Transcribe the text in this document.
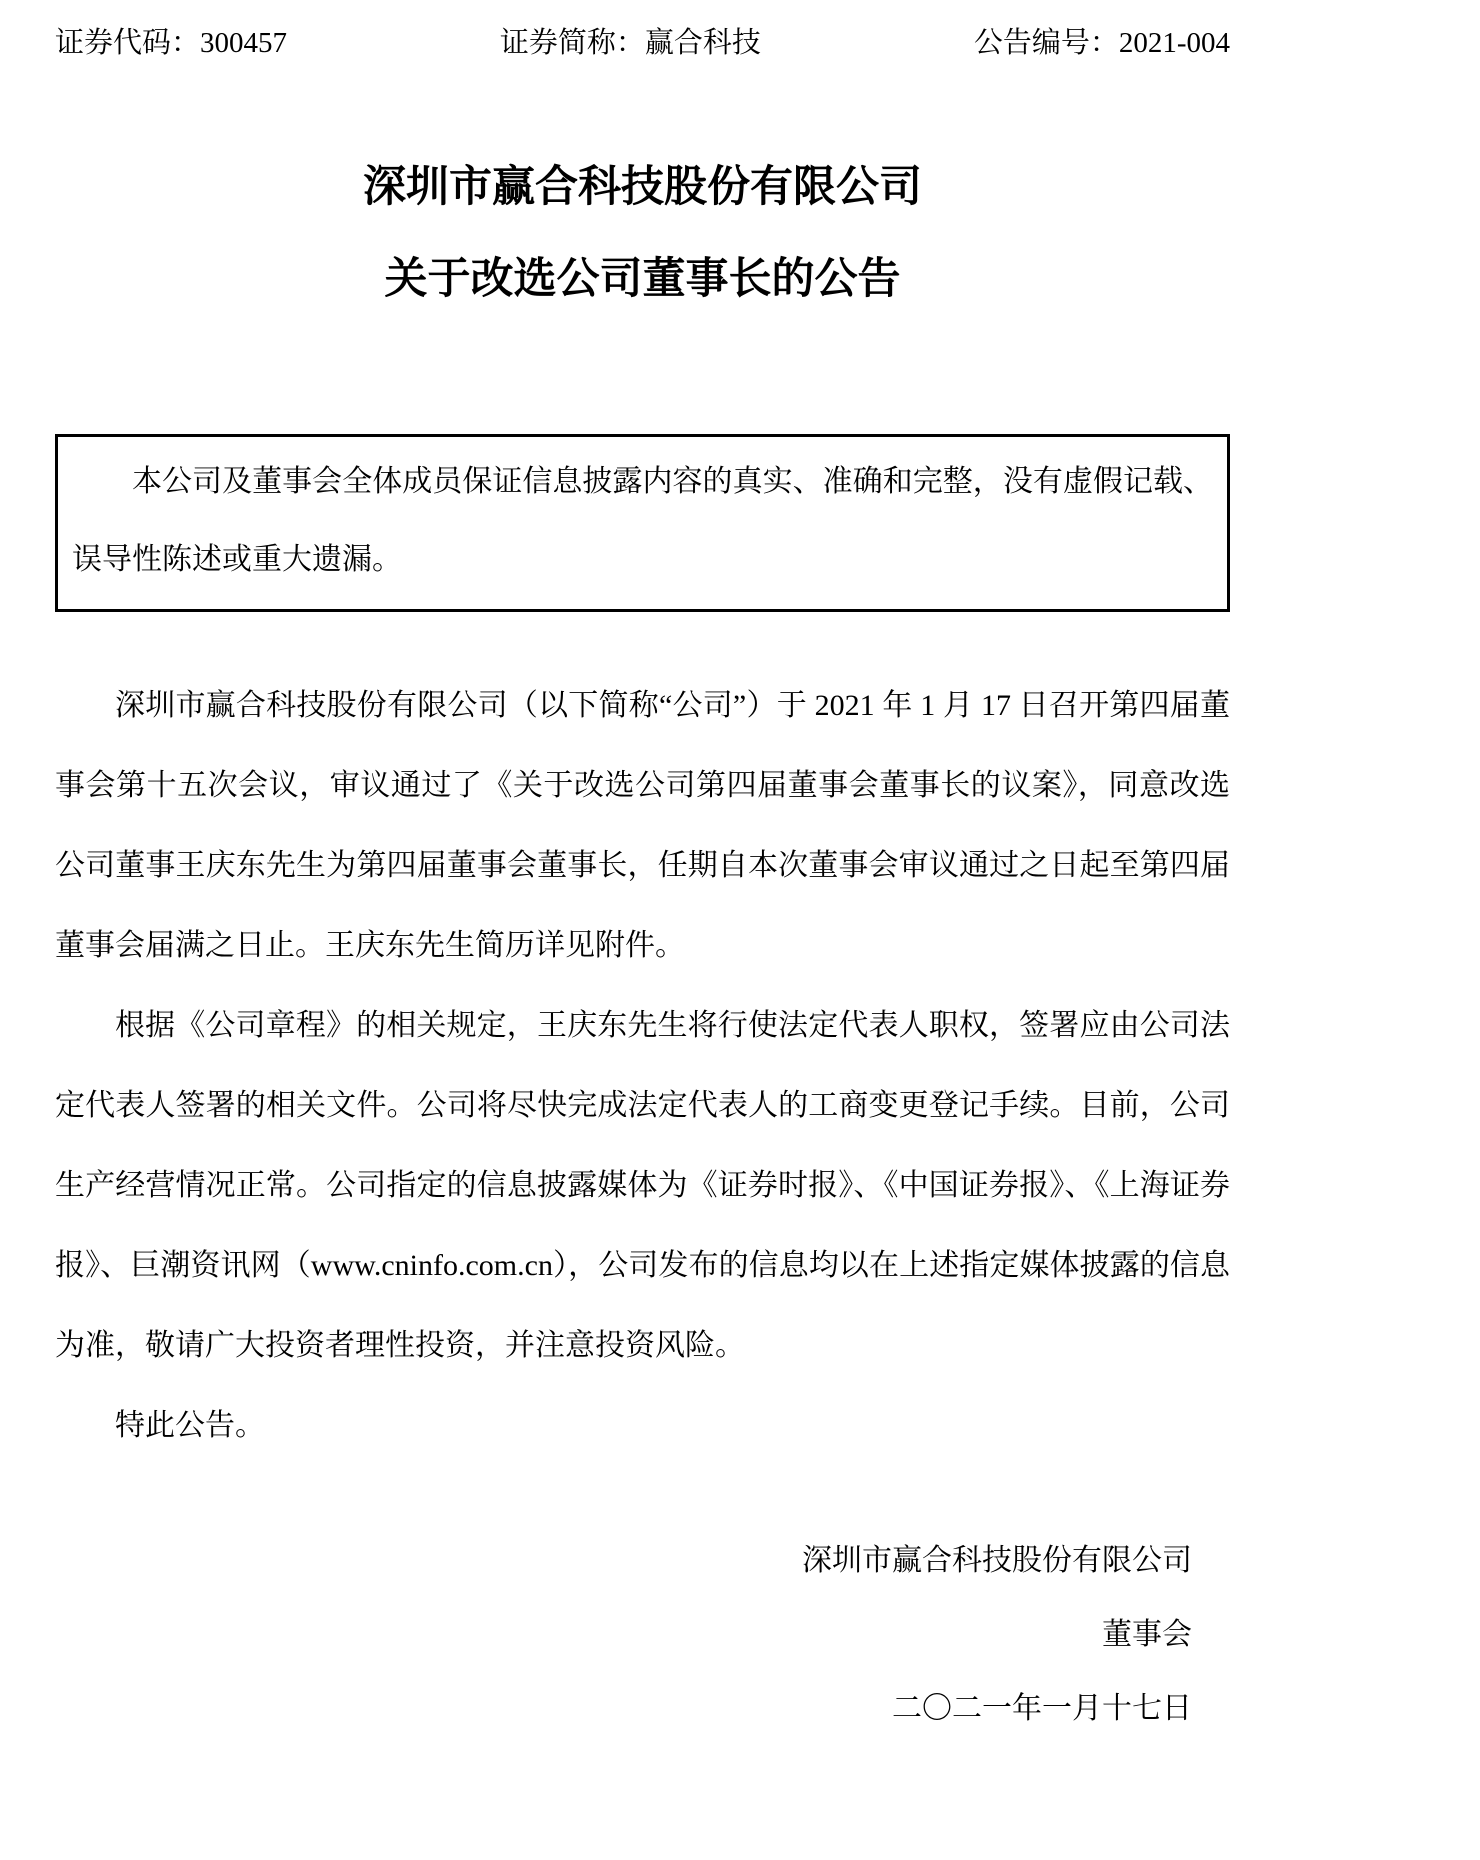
证券代码：300457	证券简称：赢合科技	公告编号：2021-004
深圳市赢合科技股份有限公司
关于改选公司董事长的公告

本公司及董事会全体成员保证信息披露内容的真实、准确和完整，没有虚假记载、误导性陈述或重大遗漏。

深圳市赢合科技股份有限公司（以下简称“公司”）于 2021 年 1 月 17 日召开第四届董事会第十五次会议，审议通过了《关于改选公司第四届董事会董事长的议案》，同意改选公司董事王庆东先生为第四届董事会董事长，任期自本次董事会审议通过之日起至第四届董事会届满之日止。王庆东先生简历详见附件。

根据《公司章程》的相关规定，王庆东先生将行使法定代表人职权，签署应由公司法定代表人签署的相关文件。公司将尽快完成法定代表人的工商变更登记手续。目前，公司生产经营情况正常。公司指定的信息披露媒体为《证券时报》、《中国证券报》、《上海证券报》、巨潮资讯网（www.cninfo.com.cn），公司发布的信息均以在上述指定媒体披露的信息为准，敬请广大投资者理性投资，并注意投资风险。

特此公告。

深圳市赢合科技股份有限公司
董事会
二〇二一年一月十七日
